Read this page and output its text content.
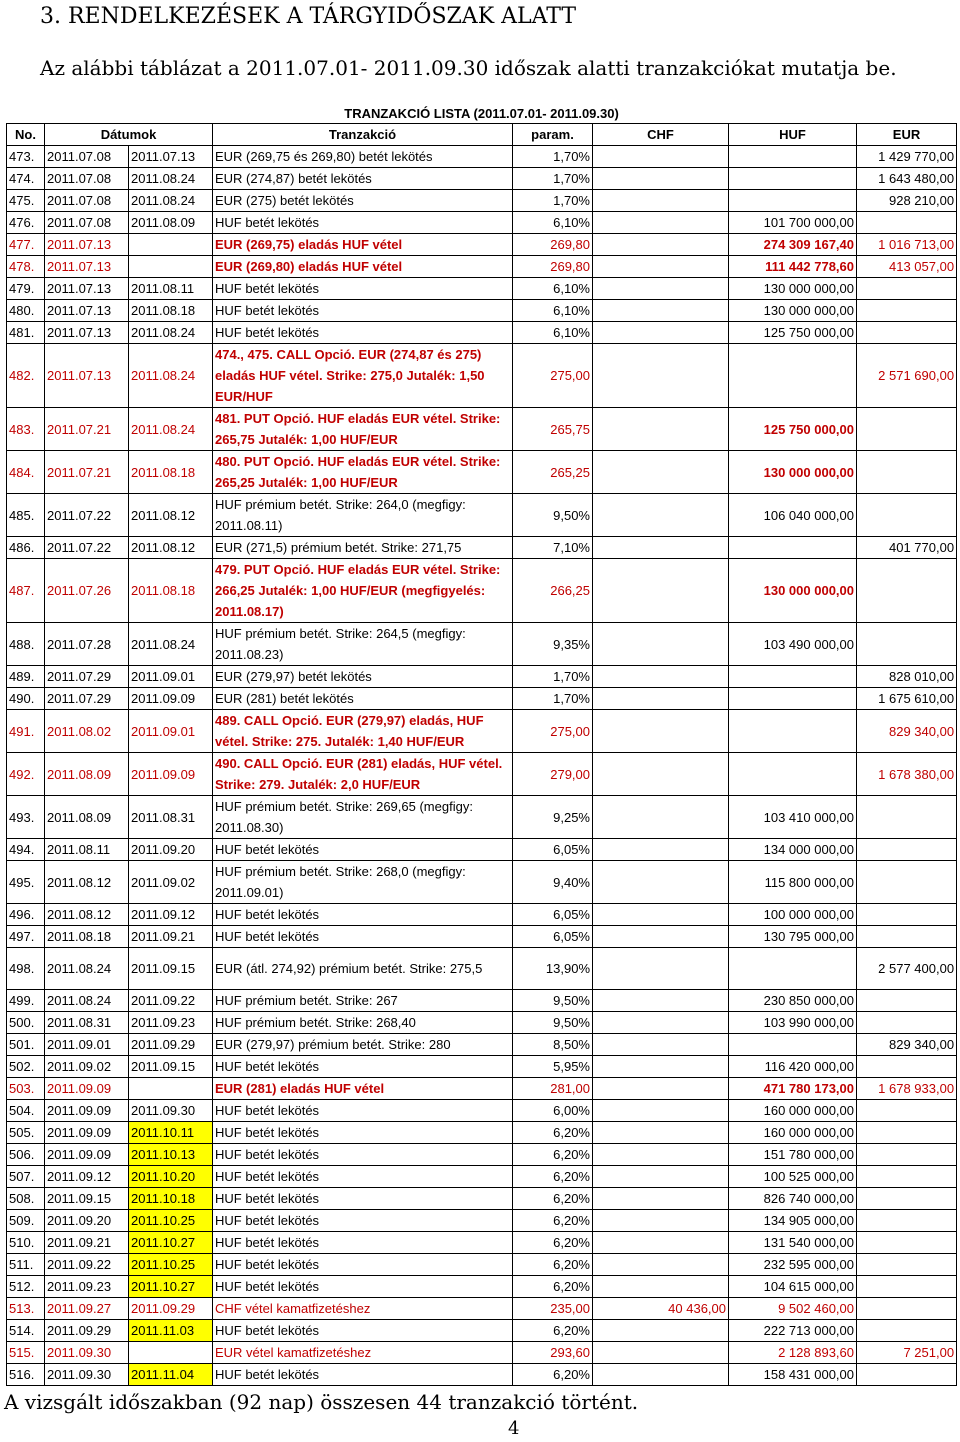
3. RENDELKEZÉSEK A TÁRGYIDŐSZAK ALATT

Az alábbi táblázat a 2011.07.01- 2011.09.30 időszak alatti tranzakciókat mutatja be.

TRANZAKCIÓ LISTA (2011.07.01- 2011.09.30)							
No.	Dátumok		Tranzakció	param.	CHF	HUF	EUR
473.	2011.07.08	2011.07.13	EUR (269,75 és 269,80) betét lekötés	1,70%			1 429 770,00
474.	2011.07.08	2011.08.24	EUR (274,87) betét lekötés	1,70%			1 643 480,00
475.	2011.07.08	2011.08.24	EUR (275) betét lekötés	1,70%			928 210,00
476.	2011.07.08	2011.08.09	HUF betét lekötés	6,10%		101 700 000,00	
477.	2011.07.13		EUR (269,75) eladás HUF vétel	269,80		274 309 167,40	1 016 713,00
478.	2011.07.13		EUR (269,80) eladás HUF vétel	269,80		111 442 778,60	413 057,00
479.	2011.07.13	2011.08.11	HUF betét lekötés	6,10%		130 000 000,00	
480.	2011.07.13	2011.08.18	HUF betét lekötés	6,10%		130 000 000,00	
481.	2011.07.13	2011.08.24	HUF betét lekötés	6,10%		125 750 000,00	
482.	2011.07.13	2011.08.24	474., 475. CALL Opció. EUR (274,87 és 275) eladás HUF vétel. Strike: 275,0 Jutalék: 1,50 EUR/HUF	275,00			2 571 690,00
483.	2011.07.21	2011.08.24	481. PUT Opció. HUF eladás EUR vétel. Strike: 265,75 Jutalék: 1,00 HUF/EUR	265,75		125 750 000,00	
484.	2011.07.21	2011.08.18	480. PUT Opció. HUF eladás EUR vétel. Strike: 265,25 Jutalék: 1,00 HUF/EUR	265,25		130 000 000,00	
485.	2011.07.22	2011.08.12	HUF prémium betét. Strike: 264,0 (megfigy: 2011.08.11)	9,50%		106 040 000,00	
486.	2011.07.22	2011.08.12	EUR (271,5) prémium betét. Strike: 271,75	7,10%			401 770,00
487.	2011.07.26	2011.08.18	479. PUT Opció. HUF eladás EUR vétel. Strike: 266,25 Jutalék: 1,00 HUF/EUR (megfigyelés: 2011.08.17)	266,25		130 000 000,00	
488.	2011.07.28	2011.08.24	HUF prémium betét. Strike: 264,5 (megfigy: 2011.08.23)	9,35%		103 490 000,00	
489.	2011.07.29	2011.09.01	EUR (279,97) betét lekötés	1,70%			828 010,00
490.	2011.07.29	2011.09.09	EUR (281) betét lekötés	1,70%			1 675 610,00
491.	2011.08.02	2011.09.01	489. CALL Opció. EUR (279,97) eladás, HUF vétel. Strike: 275. Jutalék: 1,40 HUF/EUR	275,00			829 340,00
492.	2011.08.09	2011.09.09	490. CALL Opció. EUR (281) eladás, HUF vétel. Strike: 279. Jutalék: 2,0 HUF/EUR	279,00			1 678 380,00
493.	2011.08.09	2011.08.31	HUF prémium betét. Strike: 269,65 (megfigy: 2011.08.30)	9,25%		103 410 000,00	
494.	2011.08.11	2011.09.20	HUF betét lekötés	6,05%		134 000 000,00	
495.	2011.08.12	2011.09.02	HUF prémium betét. Strike: 268,0 (megfigy: 2011.09.01)	9,40%		115 800 000,00	
496.	2011.08.12	2011.09.12	HUF betét lekötés	6,05%		100 000 000,00	
497.	2011.08.18	2011.09.21	HUF betét lekötés	6,05%		130 795 000,00	
498.	2011.08.24	2011.09.15	EUR (átl. 274,92) prémium betét. Strike: 275,5	13,90%			2 577 400,00
499.	2011.08.24	2011.09.22	HUF prémium betét. Strike: 267	9,50%		230 850 000,00	
500.	2011.08.31	2011.09.23	HUF prémium betét. Strike: 268,40	9,50%		103 990 000,00	
501.	2011.09.01	2011.09.29	EUR (279,97) prémium betét. Strike: 280	8,50%			829 340,00
502.	2011.09.02	2011.09.15	HUF betét lekötés	5,95%		116 420 000,00	
503.	2011.09.09		EUR (281) eladás HUF vétel	281,00		471 780 173,00	1 678 933,00
504.	2011.09.09	2011.09.30	HUF betét lekötés	6,00%		160 000 000,00	
505.	2011.09.09	2011.10.11	HUF betét lekötés	6,20%		160 000 000,00	
506.	2011.09.09	2011.10.13	HUF betét lekötés	6,20%		151 780 000,00	
507.	2011.09.12	2011.10.20	HUF betét lekötés	6,20%		100 525 000,00	
508.	2011.09.15	2011.10.18	HUF betét lekötés	6,20%		826 740 000,00	
509.	2011.09.20	2011.10.25	HUF betét lekötés	6,20%		134 905 000,00	
510.	2011.09.21	2011.10.27	HUF betét lekötés	6,20%		131 540 000,00	
511.	2011.09.22	2011.10.25	HUF betét lekötés	6,20%		232 595 000,00	
512.	2011.09.23	2011.10.27	HUF betét lekötés	6,20%		104 615 000,00	
513.	2011.09.27	2011.09.29	CHF vétel kamatfizetéshez	235,00	40 436,00	9 502 460,00	
514.	2011.09.29	2011.11.03	HUF betét lekötés	6,20%		222 713 000,00	
515.	2011.09.30		EUR vétel kamatfizetéshez	293,60		2 128 893,60	7 251,00
516.	2011.09.30	2011.11.04	HUF betét lekötés	6,20%		158 431 000,00	

A vizsgált időszakban (92 nap) összesen 44 tranzakció történt.

4
